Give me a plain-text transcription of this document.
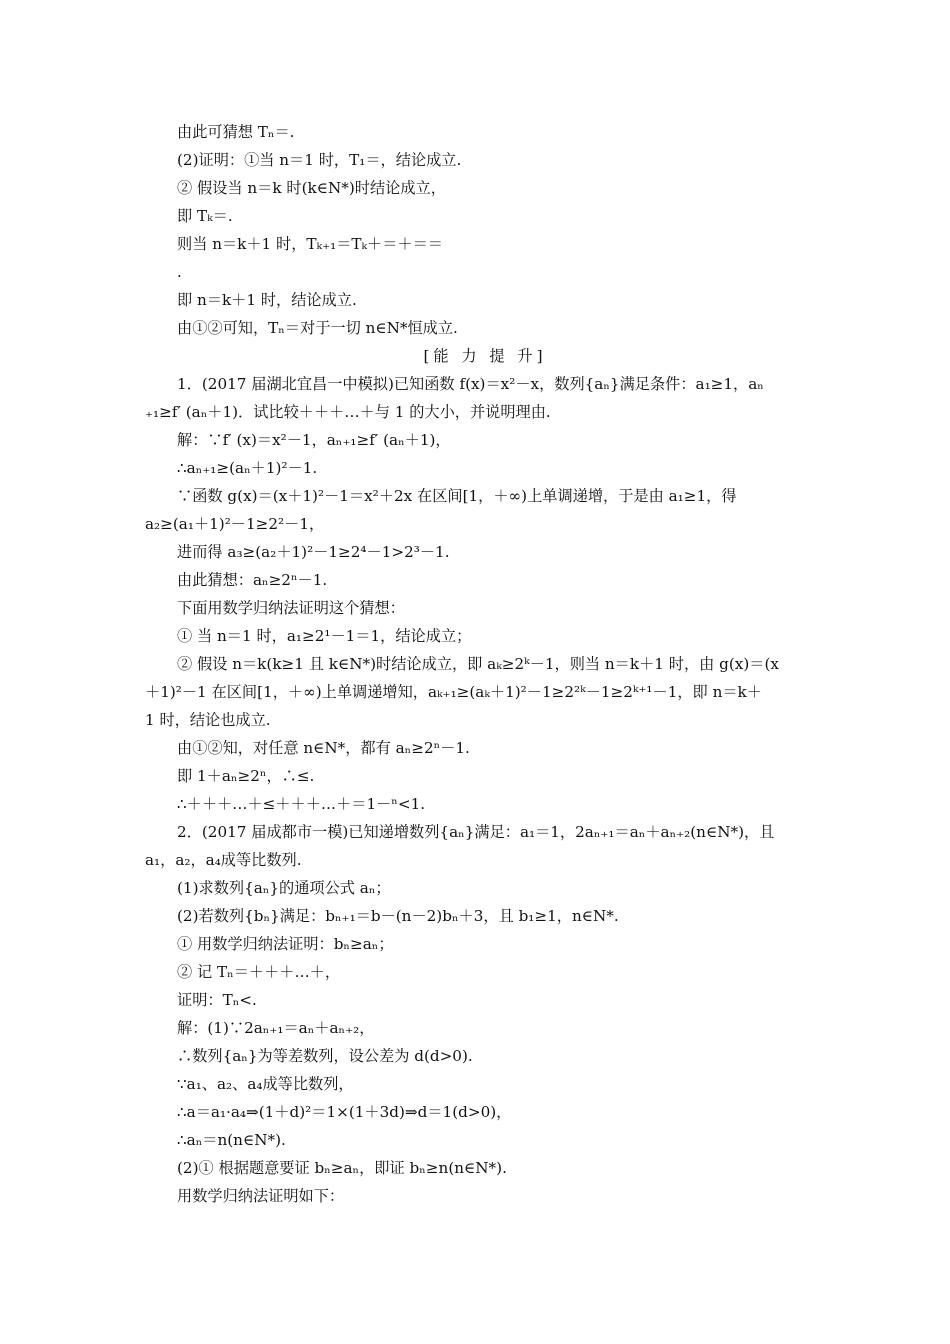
由此可猜想 Tₙ＝.

(2)证明：①当 n＝1 时，T₁＝，结论成立.

② 假设当 n＝k 时(k∈N*)时结论成立，

即 Tₖ＝.

则当 n＝k＋1 时，Tₖ₊₁＝Tₖ＋＝＋＝＝

.

即 n＝k＋1 时，结论成立.

由①②可知，Tₙ＝对于一切 n∈N*恒成立.

[能 力 提 升]

1．(2017 届湖北宜昌一中模拟)已知函数 f(x)＝x²－x，数列{aₙ}满足条件：a₁≥1，aₙ

₊₁≥f′ (aₙ＋1)．试比较＋＋＋…＋与 1 的大小，并说明理由.

解：∵f′ (x)＝x²－1，aₙ₊₁≥f′ (aₙ＋1)，

∴aₙ₊₁≥(aₙ＋1)²－1.

∵函数 g(x)＝(x＋1)²－1＝x²＋2x 在区间[1，＋∞)上单调递增，于是由 a₁≥1，得

a₂≥(a₁＋1)²－1≥2²－1，

进而得 a₃≥(a₂＋1)²－1≥2⁴－1>2³－1.

由此猜想：aₙ≥2ⁿ－1.

下面用数学归纳法证明这个猜想：

① 当 n＝1 时，a₁≥2¹－1＝1，结论成立；

② 假设 n＝k(k≥1 且 k∈N*)时结论成立，即 aₖ≥2ᵏ－1，则当 n＝k＋1 时，由 g(x)＝(x

＋1)²－1 在区间[1，＋∞)上单调递增知，aₖ₊₁≥(aₖ＋1)²－1≥2²ᵏ－1≥2ᵏ⁺¹－1，即 n＝k＋

1 时，结论也成立.

由①②知，对任意 n∈N*，都有 aₙ≥2ⁿ－1.

即 1＋aₙ≥2ⁿ，∴≤.

∴＋＋＋…＋≤＋＋＋…＋＝1－ⁿ<1.

2．(2017 届成都市一模)已知递增数列{aₙ}满足：a₁＝1，2aₙ₊₁＝aₙ＋aₙ₊₂(n∈N*)，且

a₁，a₂，a₄成等比数列.

(1)求数列{aₙ}的通项公式 aₙ；

(2)若数列{bₙ}满足：bₙ₊₁＝b－(n－2)bₙ＋3，且 b₁≥1，n∈N*.

① 用数学归纳法证明：bₙ≥aₙ；

② 记 Tₙ＝＋＋＋…＋，

证明：Tₙ<.

解：(1)∵2aₙ₊₁＝aₙ＋aₙ₊₂，

∴数列{aₙ}为等差数列，设公差为 d(d>0).

∵a₁、a₂、a₄成等比数列，

∴a＝a₁·a₄⇒(1＋d)²＝1×(1＋3d)⇒d＝1(d>0)，

∴aₙ＝n(n∈N*).

(2)① 根据题意要证 bₙ≥aₙ，即证 bₙ≥n(n∈N*).

用数学归纳法证明如下：
